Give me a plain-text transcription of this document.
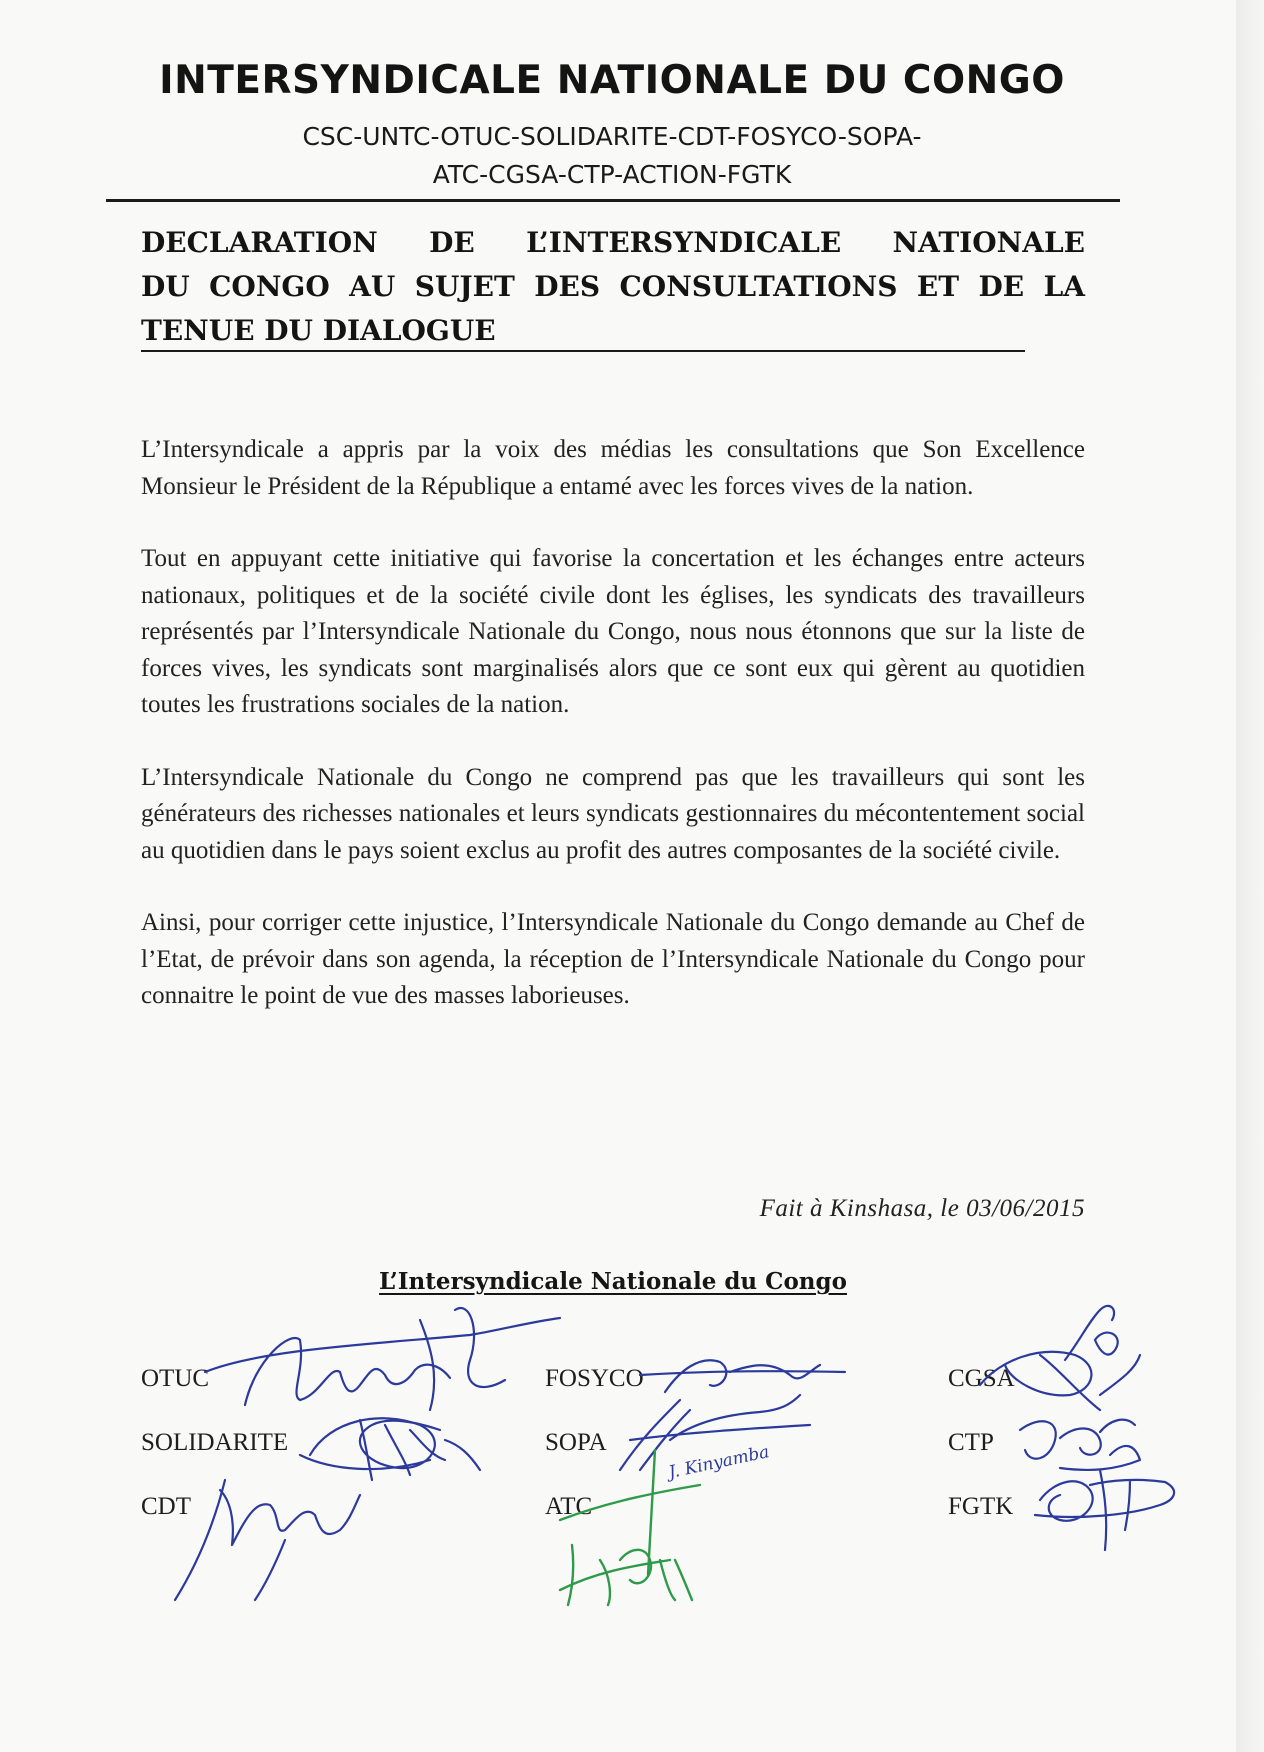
INTERSYNDICALE NATIONALE DU CONGO
CSC-UNTC-OTUC-SOLIDARITE-CDT-FOSYCO-SOPA-
ATC-CGSA-CTP-ACTION-FGTK
DECLARATION DE L’INTERSYNDICALE NATIONALE
DU CONGO AU SUJET DES CONSULTATIONS ET DE LA
TENUE DU DIALOGUE

L’Intersyndicale a appris par la voix des médias les consultations que Son Excellence Monsieur le Président de la République a entamé avec les forces vives de la nation.

Tout en appuyant cette initiative qui favorise la concertation et les échanges entre acteurs nationaux, politiques et de la société civile dont les églises, les syndicats des travailleurs représentés par l’Intersyndicale Nationale du Congo, nous nous étonnons que sur la liste de forces vives, les syndicats sont marginalisés alors que ce sont eux qui gèrent au quotidien toutes les frustrations sociales de la nation.

L’Intersyndicale Nationale du Congo ne comprend pas que les travailleurs qui sont les générateurs des richesses nationales et leurs syndicats gestionnaires du mécontentement social au quotidien dans le pays soient exclus au profit des autres composantes de la société civile.

Ainsi, pour corriger cette injustice, l’Intersyndicale Nationale du Congo demande au Chef de l’Etat, de prévoir dans son agenda, la réception de l’Intersyndicale Nationale du Congo pour connaitre le point de vue des masses laborieuses.

Fait à Kinshasa, le 03/06/2015
L’Intersyndicale Nationale du Congo
OTUC
SOLIDARITE
CDT
FOSYCO
SOPA
ATC
CGSA
CTP
FGTK
J. Kinyamba
